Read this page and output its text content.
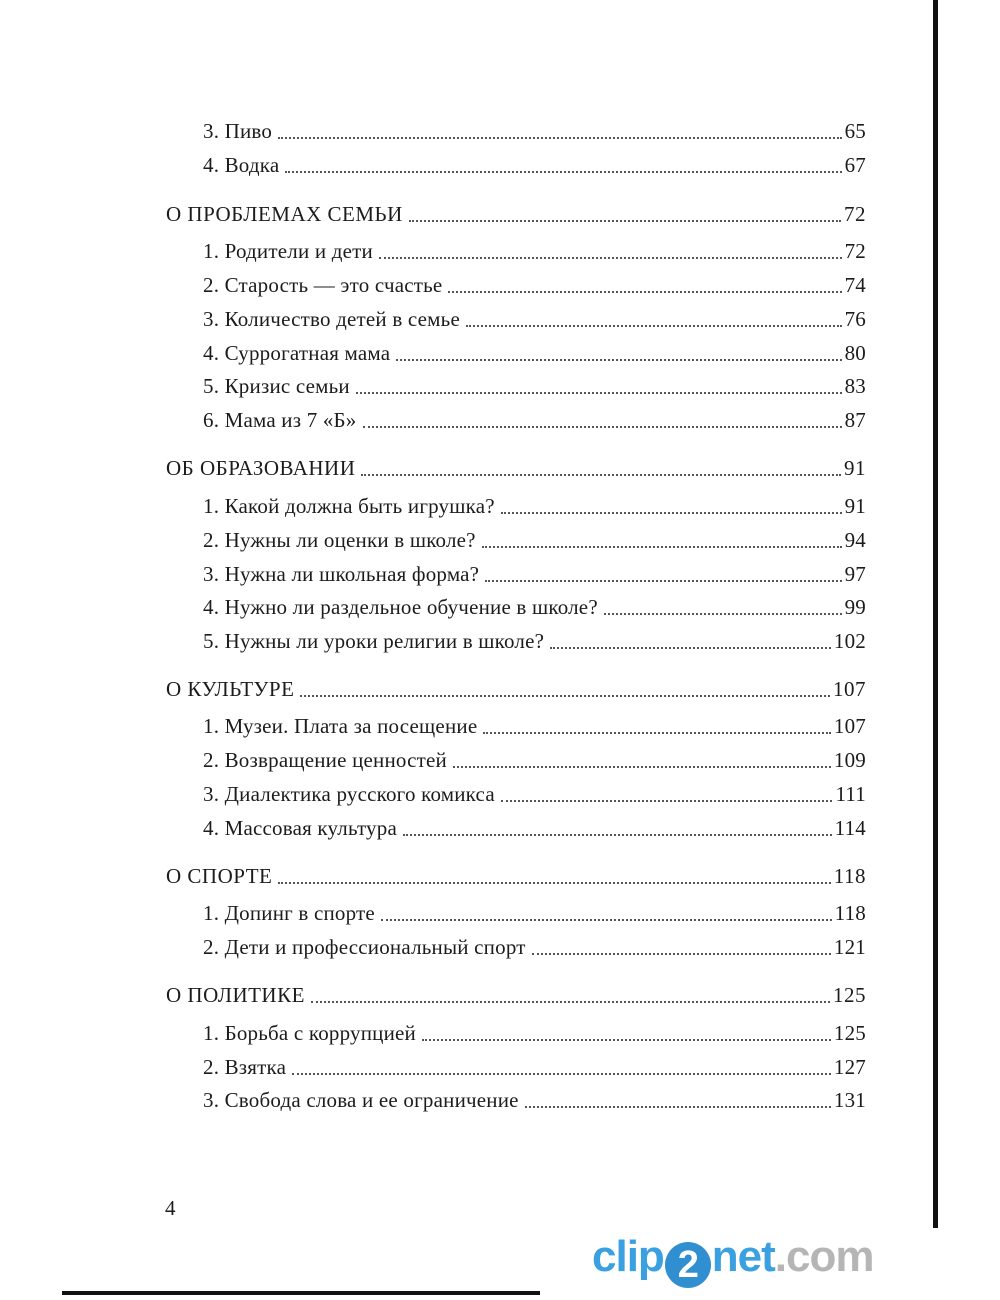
3. Пиво	65
4. Водка	67
О ПРОБЛЕМАХ СЕМЬИ	72
1. Родители и дети	72
2. Старость — это счастье	74
3. Количество детей в семье	76
4. Суррогатная мама	80
5. Кризис семьи	83
6. Мама из 7 «Б»	87
ОБ ОБРАЗОВАНИИ	91
1. Какой должна быть игрушка?	91
2. Нужны ли оценки в школе?	94
3. Нужна ли школьная форма?	97
4. Нужно ли раздельное обучение в школе?	99
5. Нужны ли уроки религии в школе?	102
О КУЛЬТУРЕ	107
1. Музеи. Плата за посещение	107
2. Возвращение ценностей	109
3. Диалектика русского комикса	111
4. Массовая культура	114
О СПОРТЕ	118
1. Допинг в спорте	118
2. Дети и профессиональный спорт	121
О ПОЛИТИКЕ	125
1. Борьба с коррупцией	125
2. Взятка	127
3. Свобода слова и ее ограничение	131
4
clip 2 net.com
